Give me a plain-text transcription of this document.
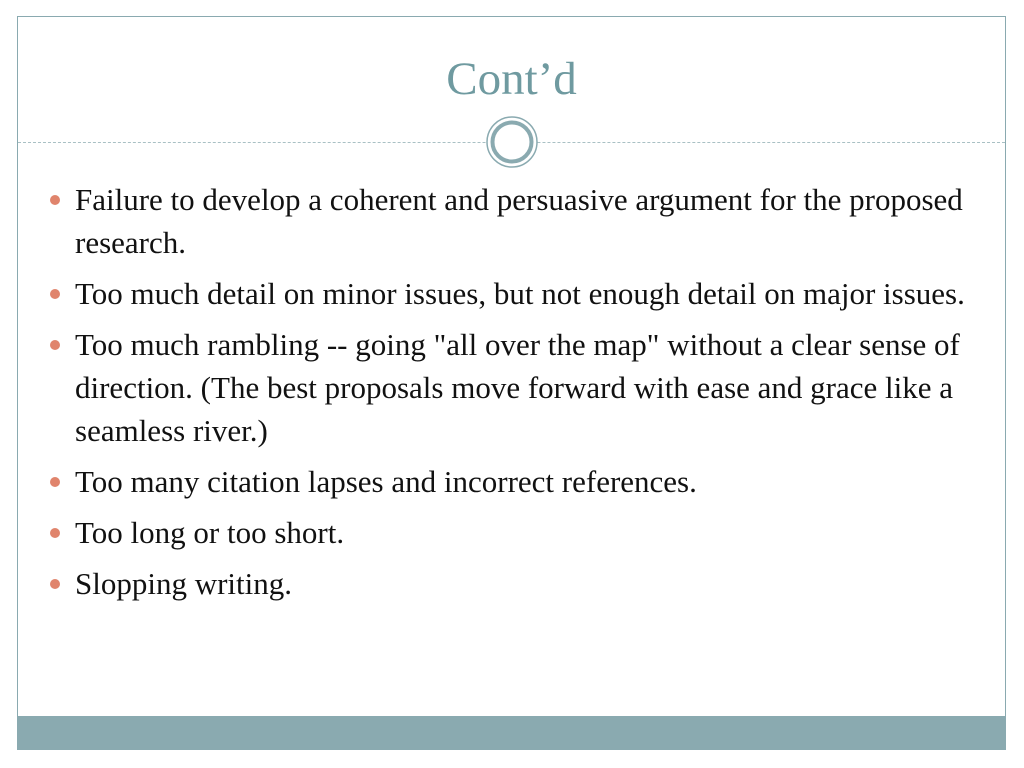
Cont’d
Failure to develop a coherent and persuasive argument for the proposed research.
Too much detail on minor issues, but not enough detail on major issues.
Too much rambling -- going "all over the map" without a clear sense of direction. (The best proposals move forward with ease and grace like a seamless river.)
Too many citation lapses and incorrect references.
Too long or too short.
Slopping writing.
